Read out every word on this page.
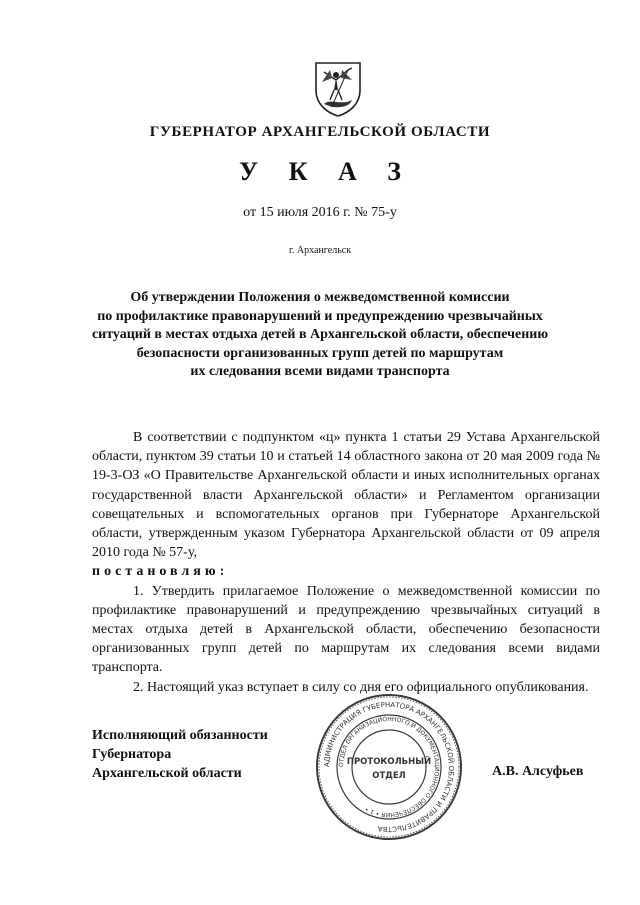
ГУБЕРНАТОР АРХАНГЕЛЬСКОЙ ОБЛАСТИ
У К А З
от 15 июля 2016 г. № 75-у
г. Архангельск
Об утверждении Положения о межведомственной комиссии
по профилактике правонарушений и предупреждению чрезвычайных
ситуаций в местах отдыха детей в Архангельской области, обеспечению
безопасности организованных групп детей по маршрутам
их следования всеми видами транспорта

В соответствии с подпунктом «ц» пункта 1 статьи 29 Устава Архангельской области, пунктом 39 статьи 10 и статьей 14 областного закона от 20 мая 2009 года № 19-3-ОЗ «О Правительстве Архангельской области и иных исполнительных органах государственной власти Архангельской области» и Регламентом организации совещательных и вспомогательных органов при Губернаторе Архангельской области, утвержденным указом Губернатора Архангельской области от 09 апреля 2010 года № 57-у,

постановляю:

1. Утвердить прилагаемое Положение о межведомственной комиссии по профилактике правонарушений и предупреждению чрезвычайных ситуаций в местах отдыха детей в Архангельской области, обеспечению безопасности организованных групп детей по маршрутам их следования всеми видами транспорта.

2. Настоящий указ вступает в силу со дня его официального опубликования.

Исполняющий обязанности
Губернатора
Архангельской области	А.В. Алсуфьев
АДМИНИСТРАЦИЯ ГУБЕРНАТОРА АРХАНГЕЛЬСКОЙ ОБЛАСТИ И ПРАВИТЕЛЬСТВА
ОТДЕЛ ОРГАНИЗАЦИОННОГО И ДОКУМЕНТАЦИОННОГО ОБЕСПЕЧЕНИЯ • 1 •
ПРОТОКОЛЬНЫЙ
ОТДЕЛ
